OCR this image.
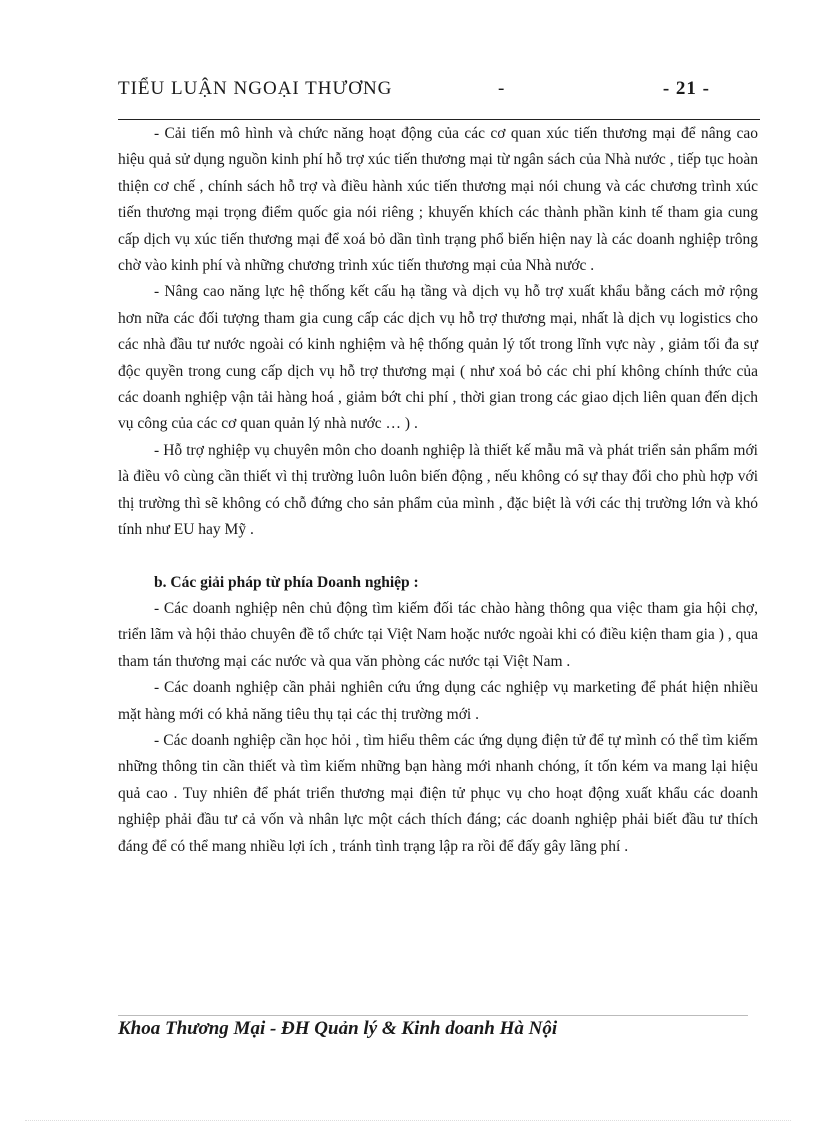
TIỂU LUẬN NGOẠI THƯƠNG	-	- 21 -

- Cải tiến mô hình và chức năng hoạt động của các cơ quan xúc tiến thương mại để nâng cao hiệu quả sử dụng nguồn kinh phí hỗ trợ xúc tiến thương mại từ ngân sách của Nhà nước , tiếp tục hoàn thiện cơ chế , chính sách hỗ trợ và điều hành xúc tiến thương mại nói chung và các chương trình xúc tiến thương mại trọng điểm quốc gia nói riêng ; khuyến khích các thành phần kinh tế tham gia cung cấp dịch vụ xúc tiến thương mại để xoá bỏ dần tình trạng phổ biến hiện nay là các doanh nghiệp trông chờ vào kinh phí và những chương trình xúc tiến thương mại của Nhà nước .

- Nâng cao năng lực hệ thống kết cấu hạ tầng và dịch vụ hỗ trợ xuất khẩu bằng cách mở rộng hơn nữa các đối tượng tham gia cung cấp các dịch vụ hỗ trợ thương mại, nhất là dịch vụ logistics cho các nhà đầu tư nước ngoài có kinh nghiệm và hệ thống quản lý tốt trong lĩnh vực này , giảm tối đa sự độc quyền trong cung cấp dịch vụ hỗ trợ thương mại ( như xoá bỏ các chi phí không chính thức của các doanh nghiệp vận tải hàng hoá , giảm bớt chi phí , thời gian trong các giao dịch liên quan đến dịch vụ công của các cơ quan quản lý nhà nước … ) .

- Hỗ trợ nghiệp vụ chuyên môn cho doanh nghiệp là thiết kế mẫu mã và phát triển sản phẩm mới là điều vô cùng cần thiết vì thị trường luôn luôn biến động , nếu không có sự thay đổi cho phù hợp với thị trường thì sẽ không có chỗ đứng cho sản phẩm của mình , đặc biệt là với các thị trường lớn và khó tính như EU hay Mỹ .

b. Các giải pháp từ phía Doanh nghiệp :

- Các doanh nghiệp nên chủ động tìm kiếm đối tác chào hàng thông qua việc tham gia hội chợ, triển lãm và hội thảo chuyên đề tổ chức tại Việt Nam hoặc nước ngoài khi có điều kiện tham gia ) , qua tham tán thương mại các nước và qua văn phòng các nước tại Việt Nam .

- Các doanh nghiệp cần phải nghiên cứu ứng dụng các nghiệp vụ marketing để phát hiện nhiều mặt hàng mới có khả năng tiêu thụ tại các thị trường mới .

- Các doanh nghiệp cần học hỏi , tìm hiểu thêm các ứng dụng điện tử để tự mình có thể tìm kiếm những thông tin cần thiết và tìm kiếm những bạn hàng mới nhanh chóng, ít tốn kém va mang lại hiệu quả cao . Tuy nhiên để phát triển thương mại điện tử phục vụ cho hoạt động xuất khẩu các doanh nghiệp phải đầu tư cả vốn và nhân lực một cách thích đáng; các doanh nghiệp phải biết đầu tư thích đáng để có thể mang nhiều lợi ích , tránh tình trạng lập ra rồi để đấy gây lãng phí .

Khoa Thương Mại - ĐH Quản lý & Kinh doanh Hà Nội
